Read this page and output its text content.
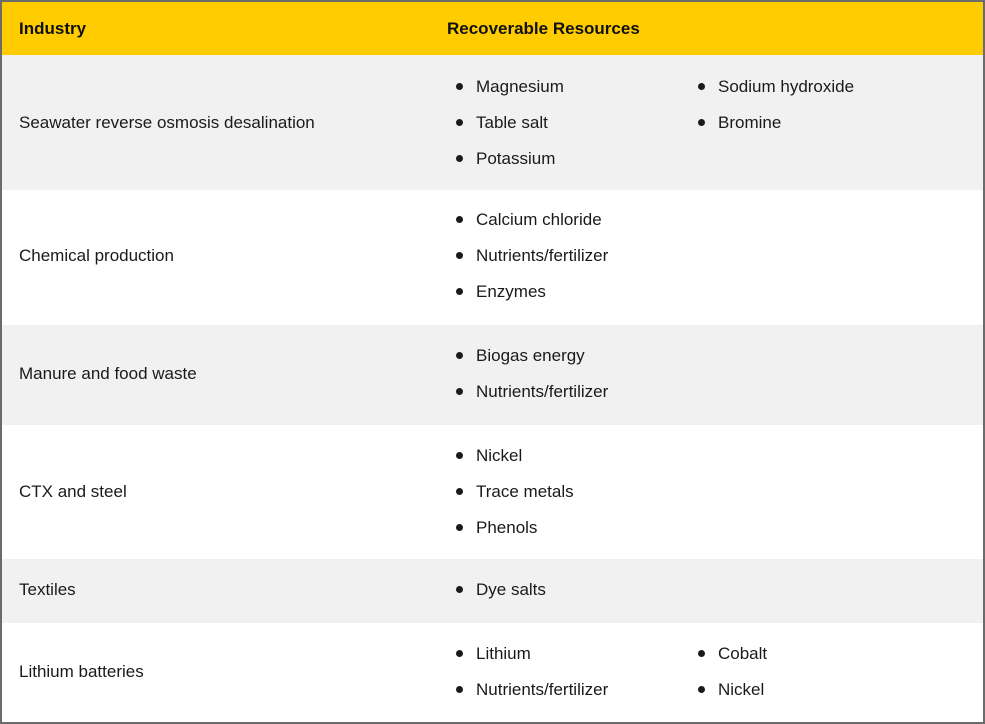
Industry	Recoverable Resources
Seawater reverse osmosis desalination
Magnesium
Table salt
Potassium
Sodium hydroxide
Bromine
Chemical production
Calcium chloride
Nutrients/fertilizer
Enzymes
Manure and food waste
Biogas energy
Nutrients/fertilizer
CTX and steel
Nickel
Trace metals
Phenols
Textiles	Dye salts
Lithium batteries
Lithium
Nutrients/fertilizer
Cobalt
Nickel
